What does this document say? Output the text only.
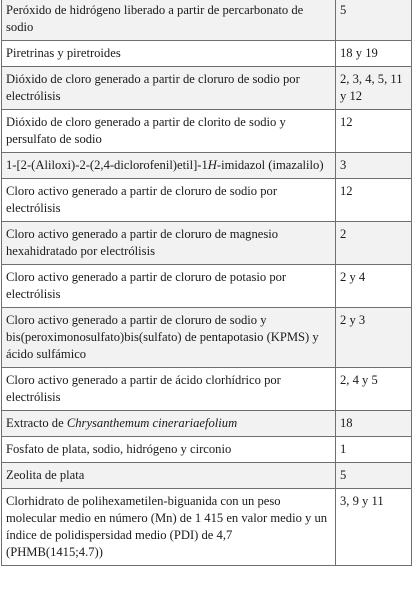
Peróxido de hidrógeno liberado a partir de percarbonato de sodio	5
Piretrinas y piretroides	18 y 19
Dióxido de cloro generado a partir de cloruro de sodio por electrólisis	2, 3, 4, 5, 11 y 12
Dióxido de cloro generado a partir de clorito de sodio y persulfato de sodio	12
1-[2-(Aliloxi)-2-(2,4-diclorofenil)etil]-1H-imidazol (imazalilo)	3
Cloro activo generado a partir de cloruro de sodio por electrólisis	12
Cloro activo generado a partir de cloruro de magnesio hexahidratado por electrólisis	2
Cloro activo generado a partir de cloruro de potasio por electrólisis	2 y 4
Cloro activo generado a partir de cloruro de sodio y bis(peroximonosulfato)bis(sulfato) de pentapotasio (KPMS) y ácido sulfámico	2 y 3
Cloro activo generado a partir de ácido clorhídrico por electrólisis	2, 4 y 5
Extracto de Chrysanthemum cinerariaefolium	18
Fosfato de plata, sodio, hidrógeno y circonio	1
Zeolita de plata	5
Clorhidrato de polihexametilen-biguanida con un peso molecular medio en número (Mn) de 1 415 en valor medio y un índice de polidispersidad medio (PDI) de 4,7 (PHMB(1415;4.7))	3, 9 y 11
